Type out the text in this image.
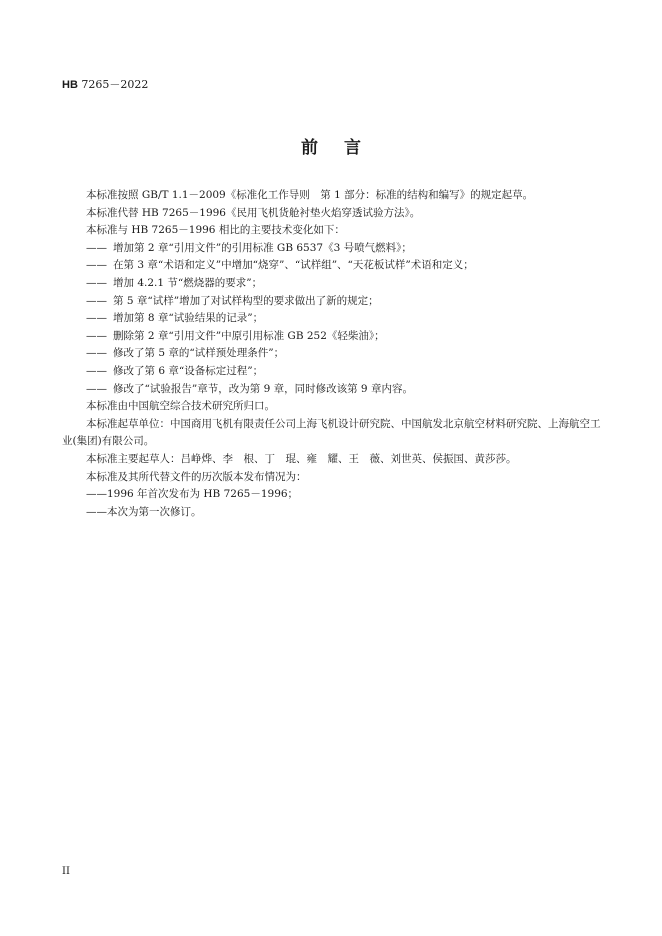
HB 7265－2022
前言
本标准按照 GB/T 1.1－2009《标准化工作导则　第 1 部分：标准的结构和编写》的规定起草。
本标准代替 HB 7265－1996《民用飞机货舱衬垫火焰穿透试验方法》。
本标准与 HB 7265－1996 相比的主要技术变化如下：
—— 增加第 2 章“引用文件”的引用标准 GB 6537《3 号喷气燃料》；
—— 在第 3 章“术语和定义”中增加“烧穿”、“试样组”、“天花板试样”术语和定义；
—— 增加 4.2.1 节“燃烧器的要求”；
—— 第 5 章“试样”增加了对试样构型的要求做出了新的规定；
—— 增加第 8 章“试验结果的记录”；
—— 删除第 2 章“引用文件”中原引用标准 GB 252《轻柴油》；
—— 修改了第 5 章的“试样预处理条件”；
—— 修改了第 6 章“设备标定过程”；
—— 修改了“试验报告”章节，改为第 9 章，同时修改该第 9 章内容。
本标准由中国航空综合技术研究所归口。
本标准起草单位：中国商用飞机有限责任公司上海飞机设计研究院、中国航发北京航空材料研究院、上海航空工业(集团)有限公司。
本标准主要起草人：吕峥烨、李　根、丁　琨、雍　耀、王　薇、刘世英、侯振国、黄莎莎。
本标准及其所代替文件的历次版本发布情况为：
——1996 年首次发布为 HB 7265－1996；
——本次为第一次修订。
II
